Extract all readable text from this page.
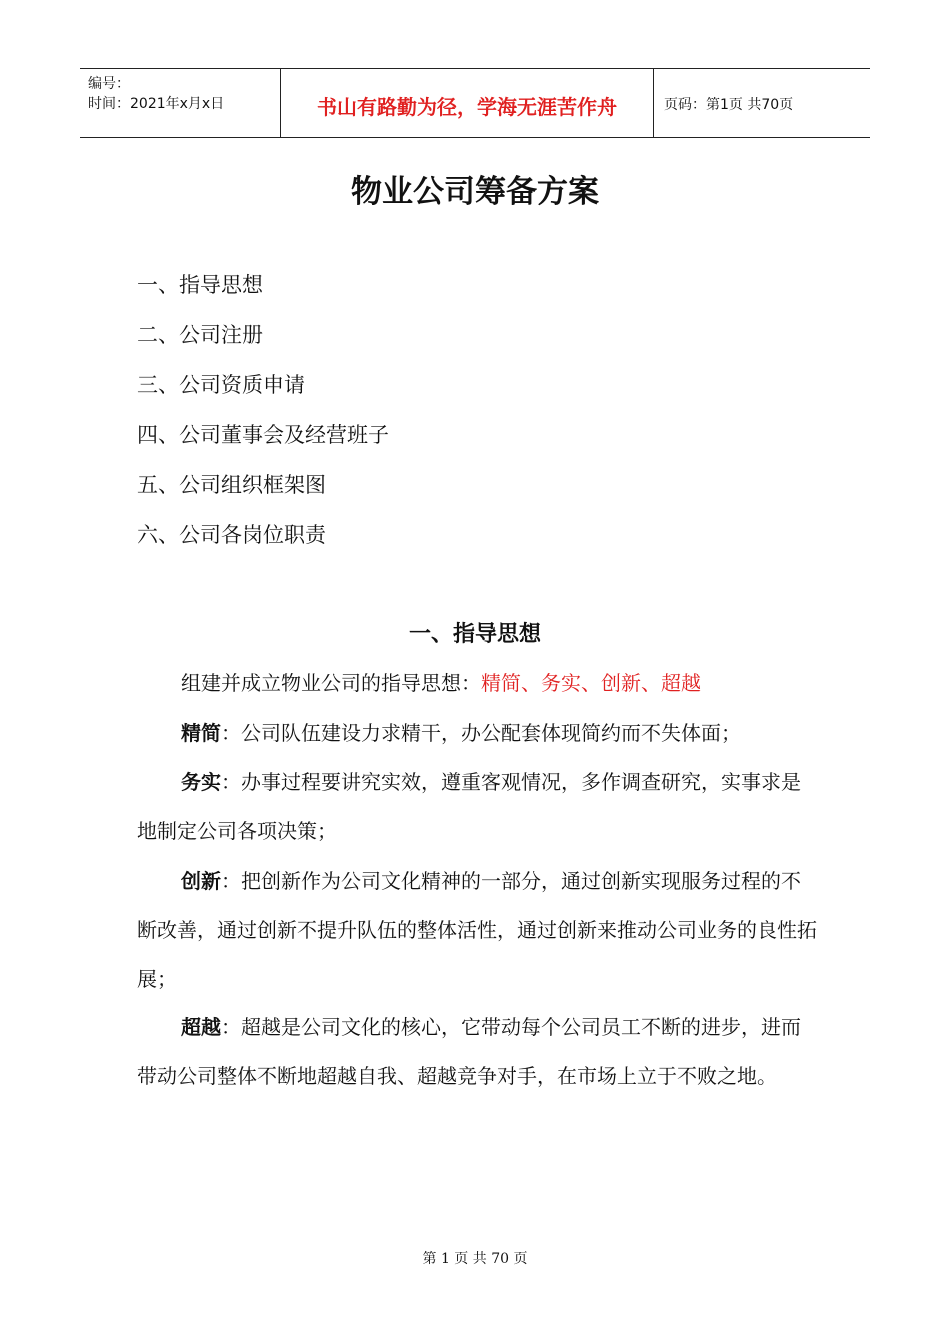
编号：
时间：2021年x月x日	书山有路勤为径，学海无涯苦作舟	页码：第1页 共70页
物业公司筹备方案
一、指导思想
二、公司注册
三、公司资质申请
四、公司董事会及经营班子
五、公司组织框架图
六、公司各岗位职责
一、指导思想
组建并成立物业公司的指导思想：精简、务实、创新、超越
精简：公司队伍建设力求精干，办公配套体现简约而不失体面；
务实：办事过程要讲究实效，遵重客观情况，多作调查研究，实事求是地制定公司各项决策；
创新：把创新作为公司文化精神的一部分，通过创新实现服务过程的不断改善，通过创新不提升队伍的整体活性，通过创新来推动公司业务的良性拓展；
超越：超越是公司文化的核心，它带动每个公司员工不断的进步，进而带动公司整体不断地超越自我、超越竞争对手，在市场上立于不败之地。
第 1 页 共 70 页
